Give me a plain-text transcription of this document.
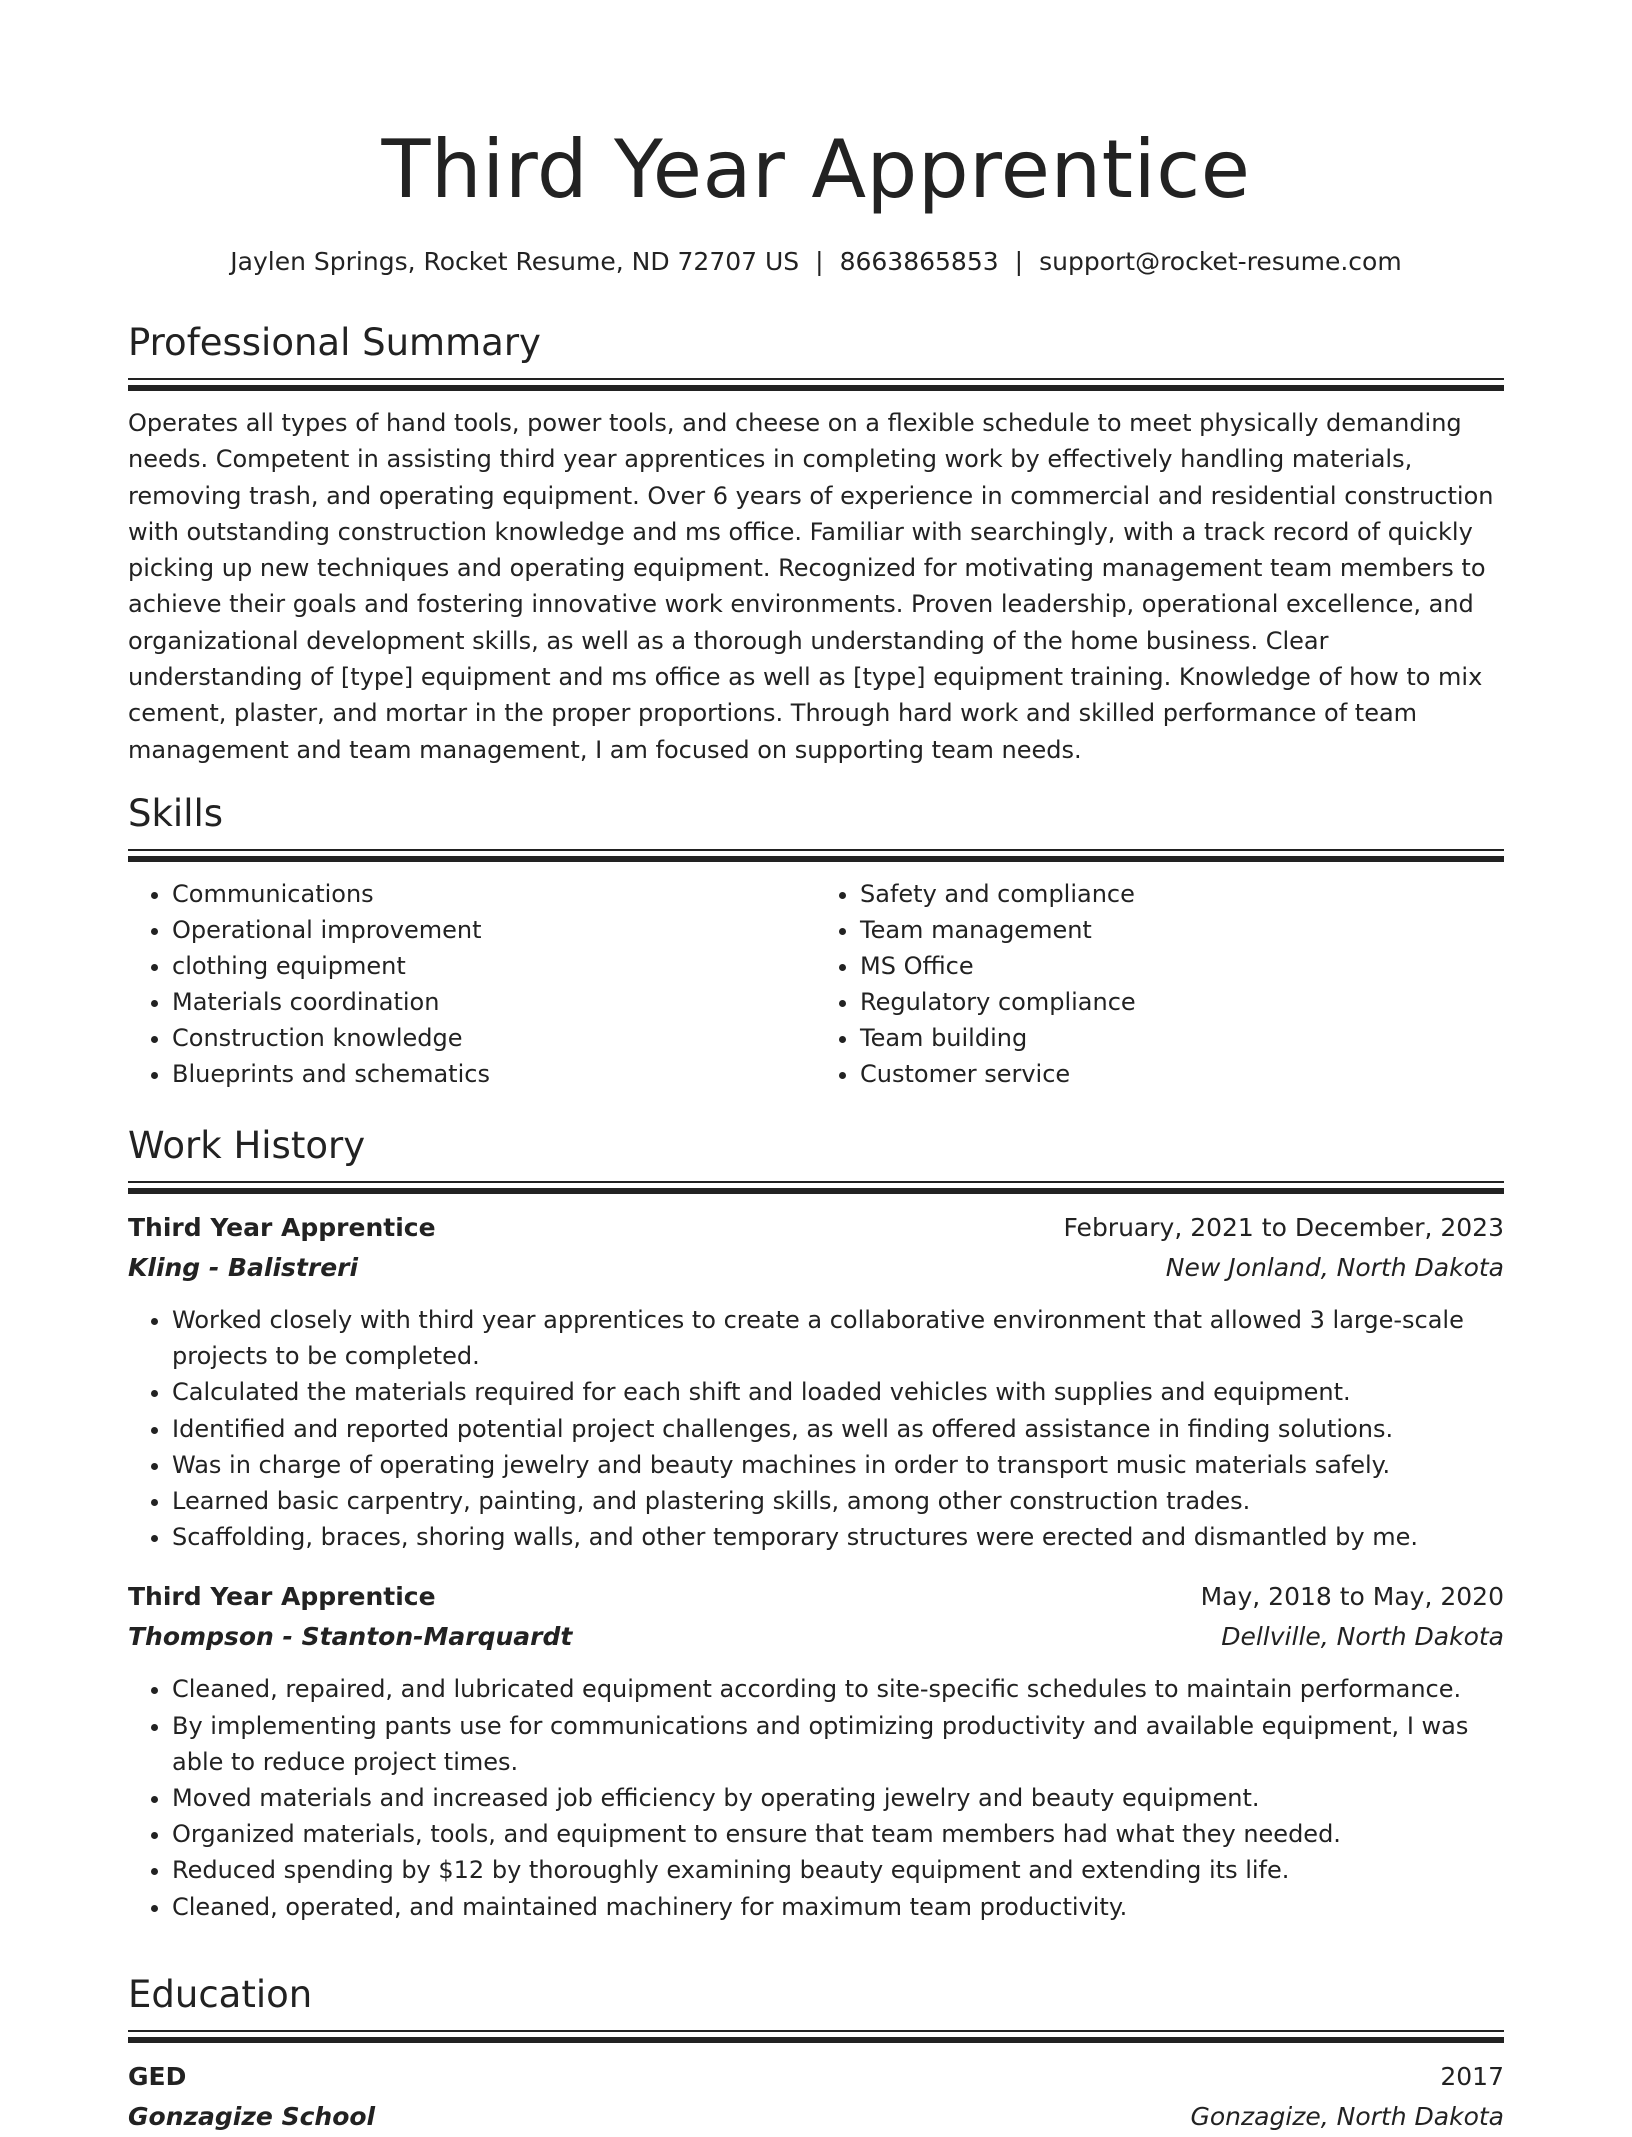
Third Year Apprentice
Jaylen Springs, Rocket Resume, ND 72707 US | 8663865853 | support@rocket-resume.com
Professional Summary
Operates all types of hand tools, power tools, and cheese on a flexible schedule to meet physically demanding needs. Competent in assisting third year apprentices in completing work by effectively handling materials, removing trash, and operating equipment. Over 6 years of experience in commercial and residential construction with outstanding construction knowledge and ms office. Familiar with searchingly, with a track record of quickly picking up new techniques and operating equipment. Recognized for motivating management team members to achieve their goals and fostering innovative work environments. Proven leadership, operational excellence, and organizational development skills, as well as a thorough understanding of the home business. Clear understanding of [type] equipment and ms office as well as [type] equipment training. Knowledge of how to mix cement, plaster, and mortar in the proper proportions. Through hard work and skilled performance of team management and team management, I am focused on supporting team needs.
Skills
• Communications
• Operational improvement
• clothing equipment
• Materials coordination
• Construction knowledge
• Blueprints and schematics
• Safety and compliance
• Team management
• MS Office
• Regulatory compliance
• Team building
• Customer service
Work History
Third Year Apprentice	February, 2021 to December, 2023
Kling - Balistreri	New Jonland, North Dakota
• Worked closely with third year apprentices to create a collaborative environment that allowed 3 large-scale projects to be completed.
• Calculated the materials required for each shift and loaded vehicles with supplies and equipment.
• Identified and reported potential project challenges, as well as offered assistance in finding solutions.
• Was in charge of operating jewelry and beauty machines in order to transport music materials safely.
• Learned basic carpentry, painting, and plastering skills, among other construction trades.
• Scaffolding, braces, shoring walls, and other temporary structures were erected and dismantled by me.
Third Year Apprentice	May, 2018 to May, 2020
Thompson - Stanton-Marquardt	Dellville, North Dakota
• Cleaned, repaired, and lubricated equipment according to site-specific schedules to maintain performance.
• By implementing pants use for communications and optimizing productivity and available equipment, I was able to reduce project times.
• Moved materials and increased job efficiency by operating jewelry and beauty equipment.
• Organized materials, tools, and equipment to ensure that team members had what they needed.
• Reduced spending by $12 by thoroughly examining beauty equipment and extending its life.
• Cleaned, operated, and maintained machinery for maximum team productivity.
Education
GED	2017
Gonzagize School	Gonzagize, North Dakota
